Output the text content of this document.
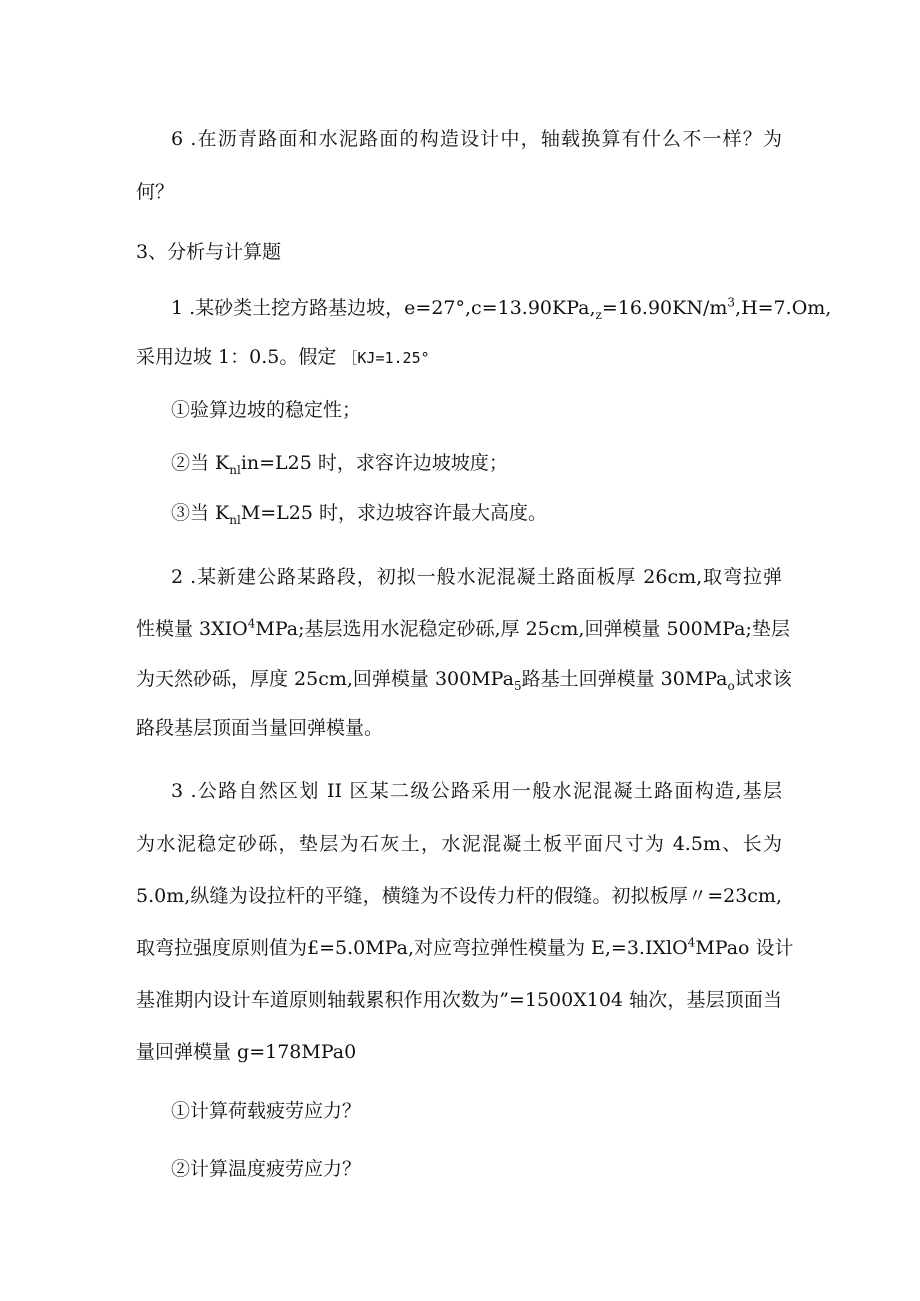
6 .在沥青路面和水泥路面的构造设计中，轴载换算有什么不一样？为
何？
3、分析与计算题
1 .某砂类土挖方路基边坡，e=27°,c=13.90KPa, $_z=16.90KN/m^3,H=7.Om$,
采用边坡 1：0.5。假定 ［KJ=1.25°
①验算边坡的稳定性；
②当 $K_{nl}in=L25$ 时，求容许边坡坡度；
③当 $K_{nl}M=L25$ 时，求边坡容许最大高度。
2 .某新建公路某路段，初拟一般水泥混凝土路面板厚 26cm,取弯拉弹
性模量 3XIO$^4$ MPa;基层选用水泥稳定砂砾,厚 25cm,回弹模量 500MPa;垫层
为天然砂砾，厚度 25cm,回弹模量 300MPa$_5$ 路基土回弹模量 30MPa$_o$ 试求该
路段基层顶面当量回弹模量。
3 .公路自然区划 II 区某二级公路采用一般水泥混凝土路面构造,基层
为水泥稳定砂砾，垫层为石灰土，水泥混凝土板平面尺寸为 4.5m、长为
5.0m,纵缝为设拉杆的平缝，横缝为不设传力杆的假缝。初拟板厚〃=23cm,
取弯拉强度原则值为£=5.0MPa,对应弯拉弹性模量为 E,=3.IXlO$^4$ MPao 设计
基准期内设计车道原则轴载累积作用次数为”=1500X104 轴次，基层顶面当
量回弹模量 g=178MPa0
①计算荷载疲劳应力？
②计算温度疲劳应力？
